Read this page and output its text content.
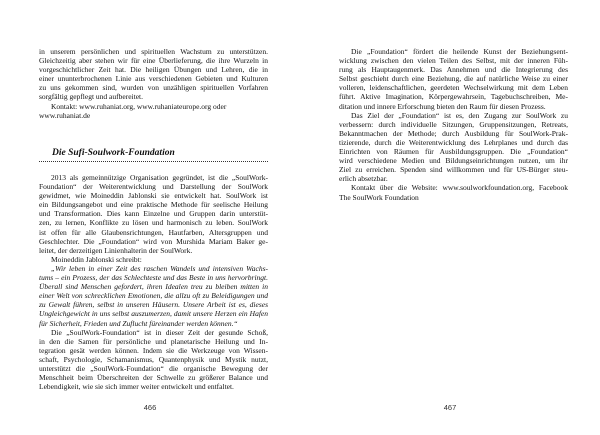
in unserem persönlichen und spirituellen Wachstum zu unterstützen.
Gleichzeitig aber stehen wir für eine Überlieferung, die ihre Wurzeln in
vorgeschichtlicher Zeit hat. Die heiligen Übungen und Lehren, die in
einer ununterbrochenen Linie aus verschiedenen Gebieten und Kulturen
zu uns gekommen sind, wurden von unzähligen spirituellen Vorfahren
sorgfältig gepflegt und aufbereitet.
Kontakt: www.ruhaniat.org, www.ruhaniateurope.org oder
www.ruhaniat.de
Die Sufi-Soulwork-Foundation
2013 als gemeinnützige Organisation gegründet, ist die „SoulWork-
Foundation“ der Weiterentwicklung und Darstellung der SoulWork
gewidmet, wie Moineddin Jablonski sie entwickelt hat. SoulWork ist
ein Bildungsangebot und eine praktische Methode für seelische Heilung
und Transformation. Dies kann Einzelne und Gruppen darin unterstüt-
zen, zu lernen, Konflikte zu lösen und harmonisch zu leben. SoulWork
ist offen für alle Glaubensrichtungen, Hautfarben, Altersgruppen und
Geschlechter. Die „Foundation“ wird von Murshida Mariam Baker ge-
leitet, der derzeitigen Linienhalterin der SoulWork.
Moineddin Jablonski schreibt:
„Wir leben in einer Zeit des raschen Wandels und intensiven Wachs-
tums – ein Prozess, der das Schlechteste und das Beste in uns hervorbringt.
Überall sind Menschen gefordert, ihren Idealen treu zu bleiben mitten in
einer Welt von schrecklichen Emotionen, die allzu oft zu Beleidigungen und
zu Gewalt führen, selbst in unseren Häusern. Unsere Arbeit ist es, dieses
Ungleichgewicht in uns selbst auszumerzen, damit unsere Herzen ein Hafen
für Sicherheit, Frieden und Zuflucht füreinander werden können.“
Die „SoulWork-Foundation“ ist in dieser Zeit der gesunde Schoß,
in den die Samen für persönliche und planetarische Heilung und In-
tegration gesät werden können. Indem sie die Werkzeuge von Wissen-
schaft, Psychologie, Schamanismus, Quantenphysik und Mystik nutzt,
unterstützt die „SoulWork-Foundation“ die organische Bewegung der
Menschheit beim Überschreiten der Schwelle zu größerer Balance und
Lebendigkeit, wie sie sich immer weiter entwickelt und entfaltet.
466
Die „Foundation“ fördert die heilende Kunst der Beziehungsent-
wicklung zwischen den vielen Teilen des Selbst, mit der inneren Füh-
rung als Hauptaugenmerk. Das Annehmen und die Integrierung des
Selbst geschieht durch eine Beziehung, die auf natürliche Weise zu einer
volleren, leidenschaftlichen, geerdeten Wechselwirkung mit dem Leben
führt. Aktive Imagination, Körpergewahrsein, Tagebuchschreiben, Me-
ditation und innere Erforschung bieten den Raum für diesen Prozess.
Das Ziel der „Foundation“ ist es, den Zugang zur SoulWork zu
verbessern: durch individuelle Sitzungen, Gruppensitzungen, Retreats,
Bekanntmachen der Methode; durch Ausbildung für SoulWork-Prak-
tizierende, durch die Weiterentwicklung des Lehrplanes und durch das
Einrichten von Räumen für Ausbildungsgruppen. Die „Foundation“
wird verschiedene Medien und Bildungseinrichtungen nutzen, um ihr
Ziel zu erreichen. Spenden sind willkommen und für US-Bürger steu-
erlich absetzbar.
Kontakt über die Website: www.soulworkfoundation.org, Facebook
The SoulWork Foundation
467
